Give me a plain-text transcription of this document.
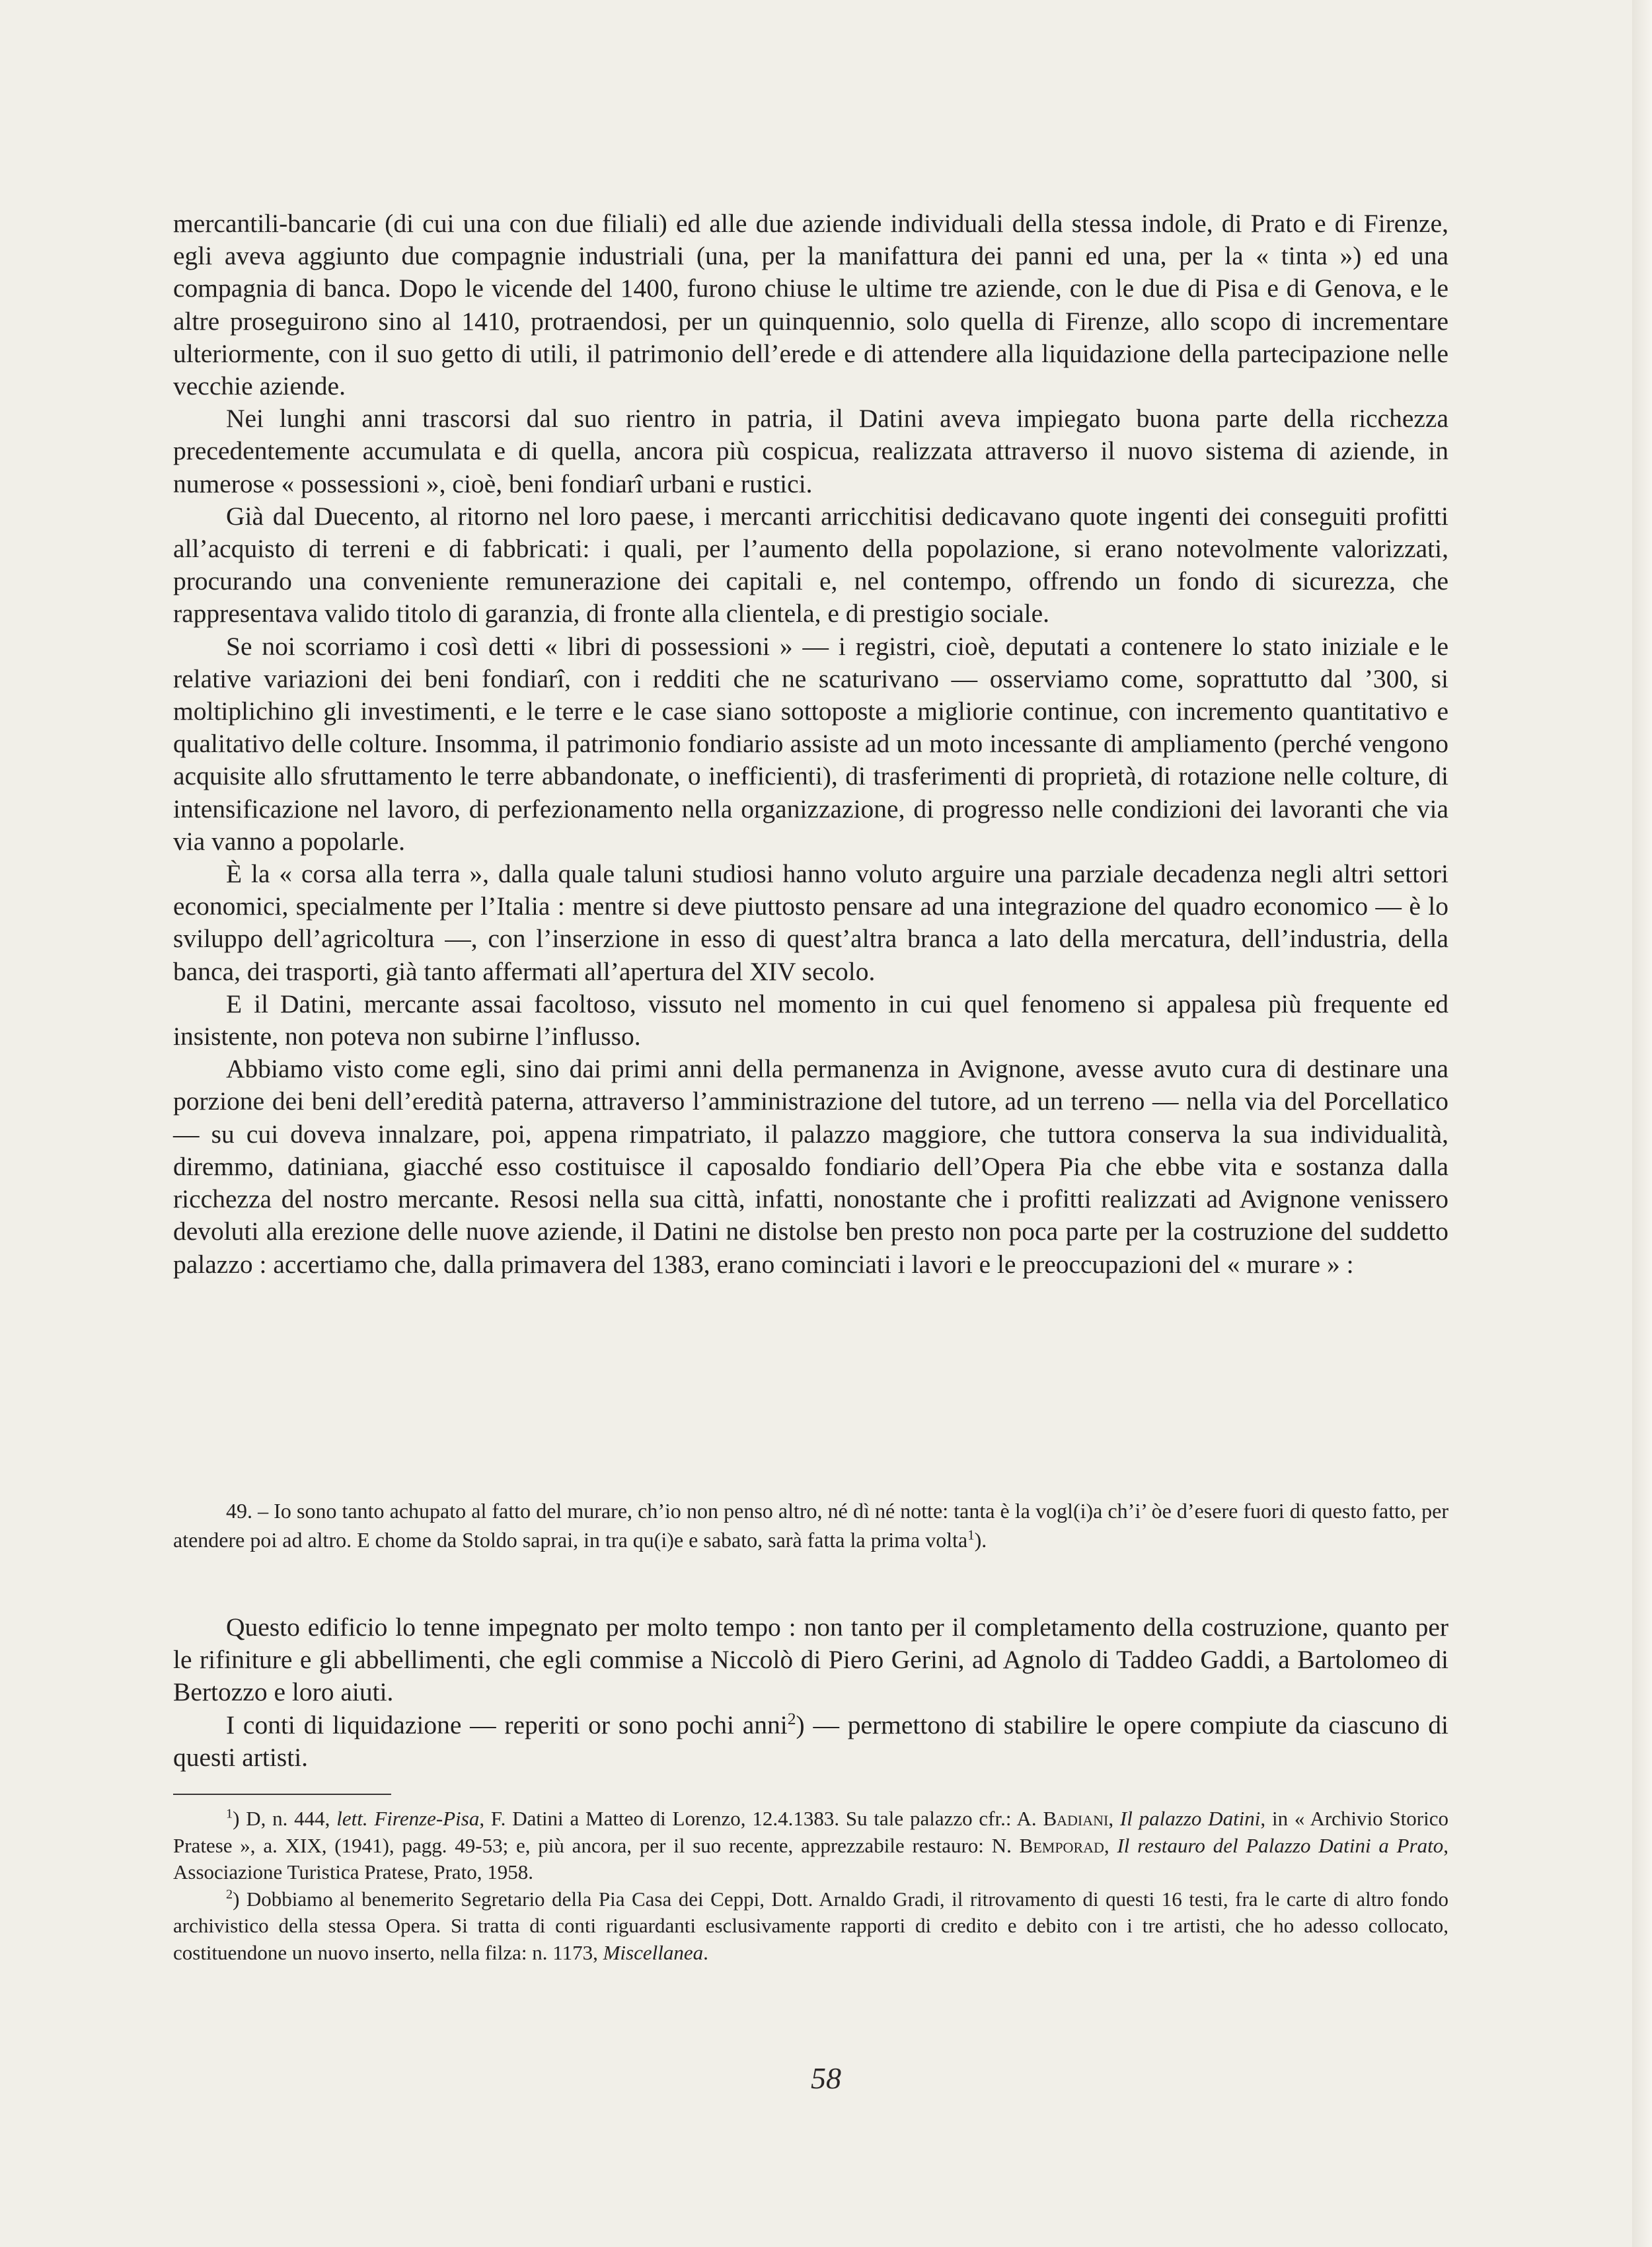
mercantili-bancarie (di cui una con due filiali) ed alle due aziende individuali della stessa indole, di Prato e di Firenze, egli aveva aggiunto due compagnie industriali (una, per la manifattura dei panni ed una, per la « tinta ») ed una compagnia di banca. Dopo le vicende del 1400, furono chiuse le ultime tre aziende, con le due di Pisa e di Genova, e le altre proseguirono sino al 1410, protraendosi, per un quinquennio, solo quella di Firenze, allo scopo di incrementare ulteriormente, con il suo getto di utili, il patrimonio dell’erede e di attendere alla liquidazione della partecipazione nelle vecchie aziende.

Nei lunghi anni trascorsi dal suo rientro in patria, il Datini aveva impiegato buona parte della ricchezza precedentemente accumulata e di quella, ancora più cospicua, realizzata attraverso il nuovo sistema di aziende, in numerose « possessioni », cioè, beni fondiarî urbani e rustici.

Già dal Duecento, al ritorno nel loro paese, i mercanti arricchitisi dedicavano quote ingenti dei conseguiti profitti all’acquisto di terreni e di fabbricati: i quali, per l’aumento della popolazione, si erano notevolmente valorizzati, procurando una conveniente remunerazione dei capitali e, nel contempo, offrendo un fondo di sicurezza, che rappresentava valido titolo di garanzia, di fronte alla clientela, e di prestigio sociale.

Se noi scorriamo i così detti « libri di possessioni » — i registri, cioè, deputati a contenere lo stato iniziale e le relative variazioni dei beni fondiarî, con i redditi che ne scaturivano — osserviamo come, soprattutto dal ’300, si moltiplichino gli investimenti, e le terre e le case siano sottoposte a migliorie continue, con incremento quantitativo e qualitativo delle colture. Insomma, il patrimonio fondiario assiste ad un moto incessante di ampliamento (perché vengono acquisite allo sfruttamento le terre abbandonate, o inefficienti), di trasferimenti di proprietà, di rotazione nelle colture, di intensificazione nel lavoro, di perfezionamento nella organizzazione, di progresso nelle condizioni dei lavoranti che via via vanno a popolarle.

È la « corsa alla terra », dalla quale taluni studiosi hanno voluto arguire una parziale decadenza negli altri settori economici, specialmente per l’Italia : mentre si deve piuttosto pensare ad una integrazione del quadro economico — è lo sviluppo dell’agricoltura —, con l’inserzione in esso di quest’altra branca a lato della mercatura, dell’industria, della banca, dei trasporti, già tanto affermati all’apertura del XIV secolo.

E il Datini, mercante assai facoltoso, vissuto nel momento in cui quel fenomeno si appalesa più frequente ed insistente, non poteva non subirne l’influsso.

Abbiamo visto come egli, sino dai primi anni della permanenza in Avignone, avesse avuto cura di destinare una porzione dei beni dell’eredità paterna, attraverso l’amministrazione del tutore, ad un terreno — nella via del Porcellatico — su cui doveva innalzare, poi, appena rimpatriato, il palazzo maggiore, che tuttora conserva la sua individualità, diremmo, datiniana, giacché esso costituisce il caposaldo fondiario dell’Opera Pia che ebbe vita e sostanza dalla ricchezza del nostro mercante. Resosi nella sua città, infatti, nonostante che i profitti realizzati ad Avignone venissero devoluti alla erezione delle nuove aziende, il Datini ne distolse ben presto non poca parte per la costruzione del suddetto palazzo : accertiamo che, dalla primavera del 1383, erano cominciati i lavori e le preoccupazioni del « murare » :

49. – Io sono tanto achupato al fatto del murare, ch’io non penso altro, né dì né notte: tanta è la vogl(i)a ch’i’ òe d’esere fuori di questo fatto, per atendere poi ad altro. E chome da Stoldo saprai, in tra qu(i)e e sabato, sarà fatta la prima volta$^1$).

Questo edificio lo tenne impegnato per molto tempo : non tanto per il completamento della costruzione, quanto per le rifiniture e gli abbellimenti, che egli commise a Niccolò di Piero Gerini, ad Agnolo di Taddeo Gaddi, a Bartolomeo di Bertozzo e loro aiuti.

I conti di liquidazione — reperiti or sono pochi anni$^2$) — permettono di stabilire le opere compiute da ciascuno di questi artisti.

$^1$) D, n. 444, lett. Firenze-Pisa, F. Datini a Matteo di Lorenzo, 12.4.1383. Su tale palazzo cfr.: A. Badiani, Il palazzo Datini, in « Archivio Storico Pratese », a. XIX, (1941), pagg. 49-53; e, più ancora, per il suo recente, apprezzabile restauro: N. Bemporad, Il restauro del Palazzo Datini a Prato, Associazione Turistica Pratese, Prato, 1958.

$^2$) Dobbiamo al benemerito Segretario della Pia Casa dei Ceppi, Dott. Arnaldo Gradi, il ritrovamento di questi 16 testi, fra le carte di altro fondo archivistico della stessa Opera. Si tratta di conti riguardanti esclusivamente rapporti di credito e debito con i tre artisti, che ho adesso collocato, costituendone un nuovo inserto, nella filza: n. 1173, Miscellanea.

58
